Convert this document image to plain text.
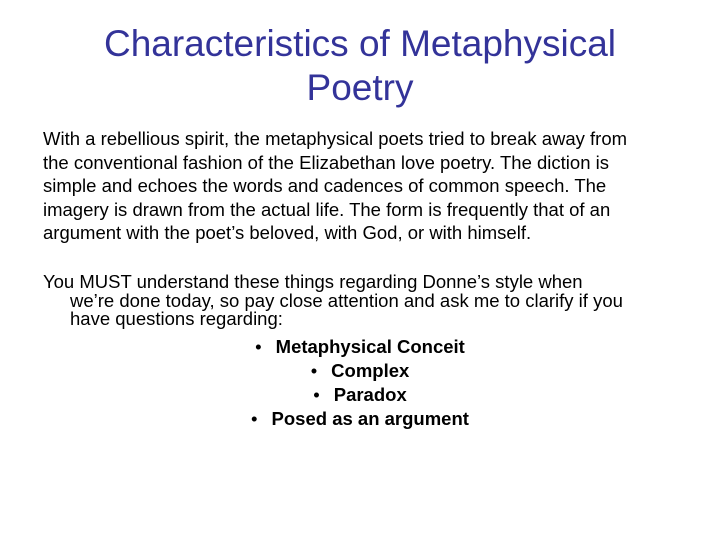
Characteristics of Metaphysical
Poetry
With a rebellious spirit, the metaphysical poets tried to break away from
the conventional fashion of the Elizabethan love poetry. The diction is
simple and echoes the words and cadences of common speech. The
imagery is drawn from the actual life. The form is frequently that of an
argument with the poet’s beloved, with God, or with himself.
You MUST understand these things regarding Donne’s style when
we’re done today, so pay close attention and ask me to clarify if you
have questions regarding:
• Metaphysical Conceit
• Complex
• Paradox
• Posed as an argument
